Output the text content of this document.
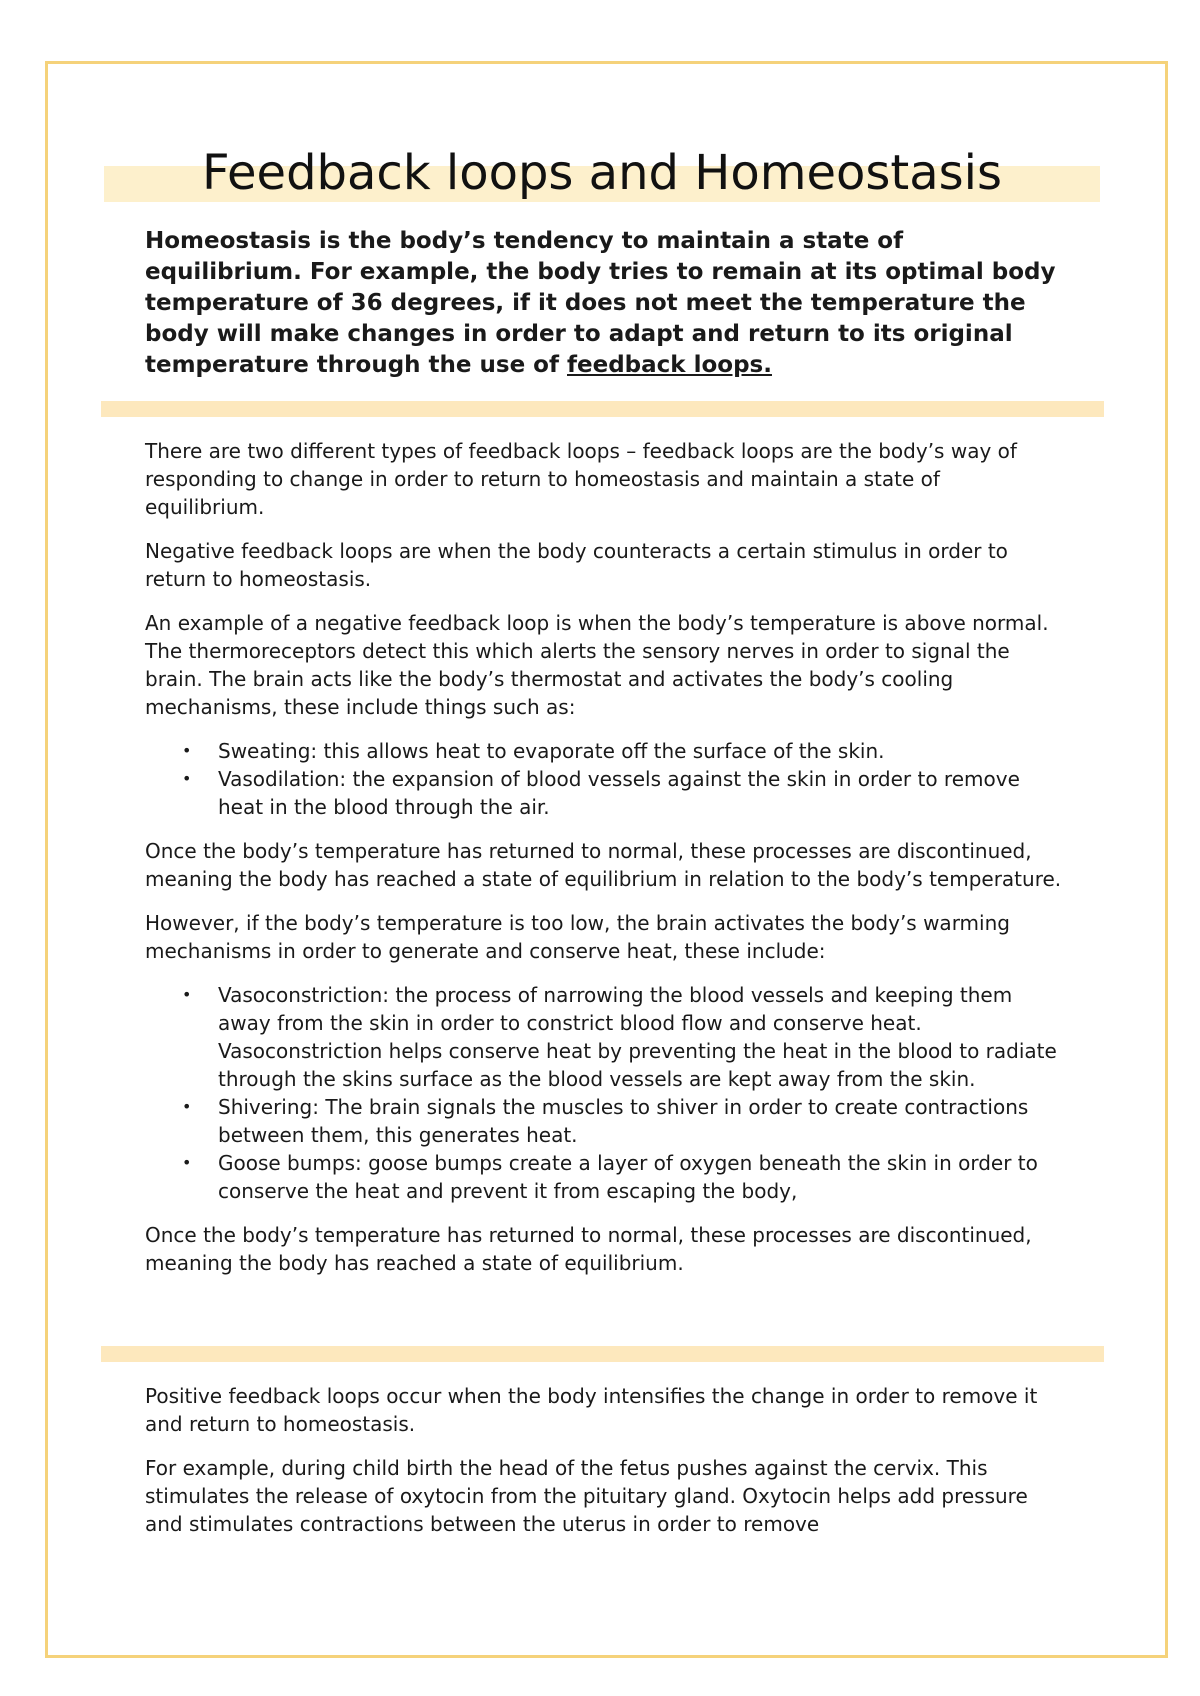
Feedback loops and Homeostasis

Homeostasis is the body’s tendency to maintain a state of equilibrium. For example, the body tries to remain at its optimal body temperature of 36 degrees, if it does not meet the temperature the body will make changes in order to adapt and return to its original temperature through the use of feedback loops.

There are two different types of feedback loops – feedback loops are the body’s way of responding to change in order to return to homeostasis and maintain a state of equilibrium.

Negative feedback loops are when the body counteracts a certain stimulus in order to return to homeostasis.

An example of a negative feedback loop is when the body’s temperature is above normal. The thermoreceptors detect this which alerts the sensory nerves in order to signal the brain. The brain acts like the body’s thermostat and activates the body’s cooling mechanisms, these include things such as:

• Sweating: this allows heat to evaporate off the surface of the skin.
• Vasodilation: the expansion of blood vessels against the skin in order to remove heat in the blood through the air.

Once the body’s temperature has returned to normal, these processes are discontinued, meaning the body has reached a state of equilibrium in relation to the body’s temperature.

However, if the body’s temperature is too low, the brain activates the body’s warming mechanisms in order to generate and conserve heat, these include:

• Vasoconstriction: the process of narrowing the blood vessels and keeping them away from the skin in order to constrict blood flow and conserve heat. Vasoconstriction helps conserve heat by preventing the heat in the blood to radiate through the skins surface as the blood vessels are kept away from the skin.
• Shivering: The brain signals the muscles to shiver in order to create contractions between them, this generates heat.
• Goose bumps: goose bumps create a layer of oxygen beneath the skin in order to conserve the heat and prevent it from escaping the body,

Once the body’s temperature has returned to normal, these processes are discontinued, meaning the body has reached a state of equilibrium.

Positive feedback loops occur when the body intensifies the change in order to remove it and return to homeostasis.

For example, during child birth the head of the fetus pushes against the cervix. This stimulates the release of oxytocin from the pituitary gland. Oxytocin helps add pressure and stimulates contractions between the uterus in order to remove
